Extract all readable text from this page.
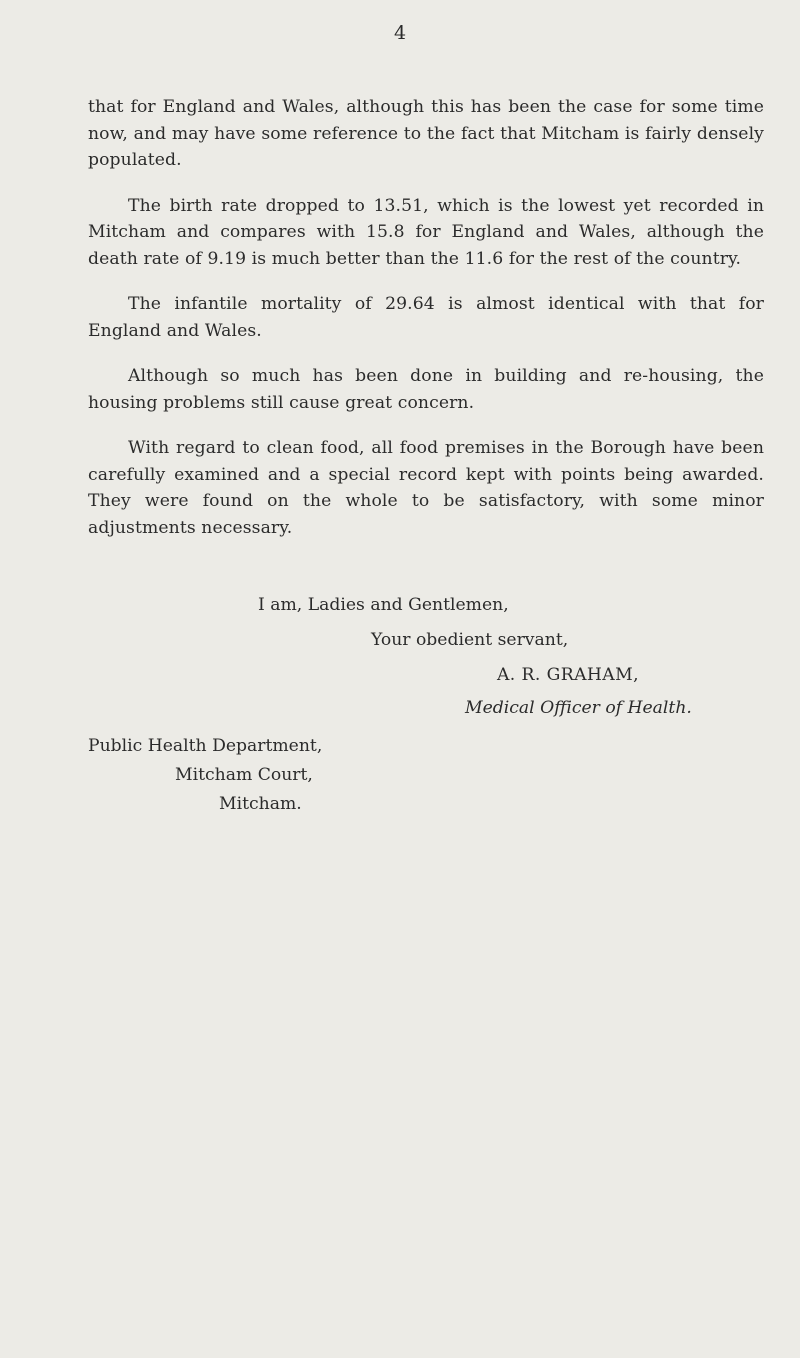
4

that for England and Wales, although this has been the case for some time now, and may have some reference to the fact that Mitcham is fairly densely populated.

The birth rate dropped to 13.51, which is the lowest yet recorded in Mitcham and compares with 15.8 for England and Wales, although the death rate of 9.19 is much better than the 11.6 for the rest of the country.

The infantile mortality of 29.64 is almost identical with that for England and Wales.

Although so much has been done in building and re-housing, the housing problems still cause great concern.

With regard to clean food, all food premises in the Borough have been carefully examined and a special record kept with points being awarded. They were found on the whole to be satisfactory, with some minor adjustments necessary.

I am, Ladies and Gentlemen,
Your obedient servant,
A. R. GRAHAM,
Medical Officer of Health.
Public Health Department,
Mitcham Court,
Mitcham.
